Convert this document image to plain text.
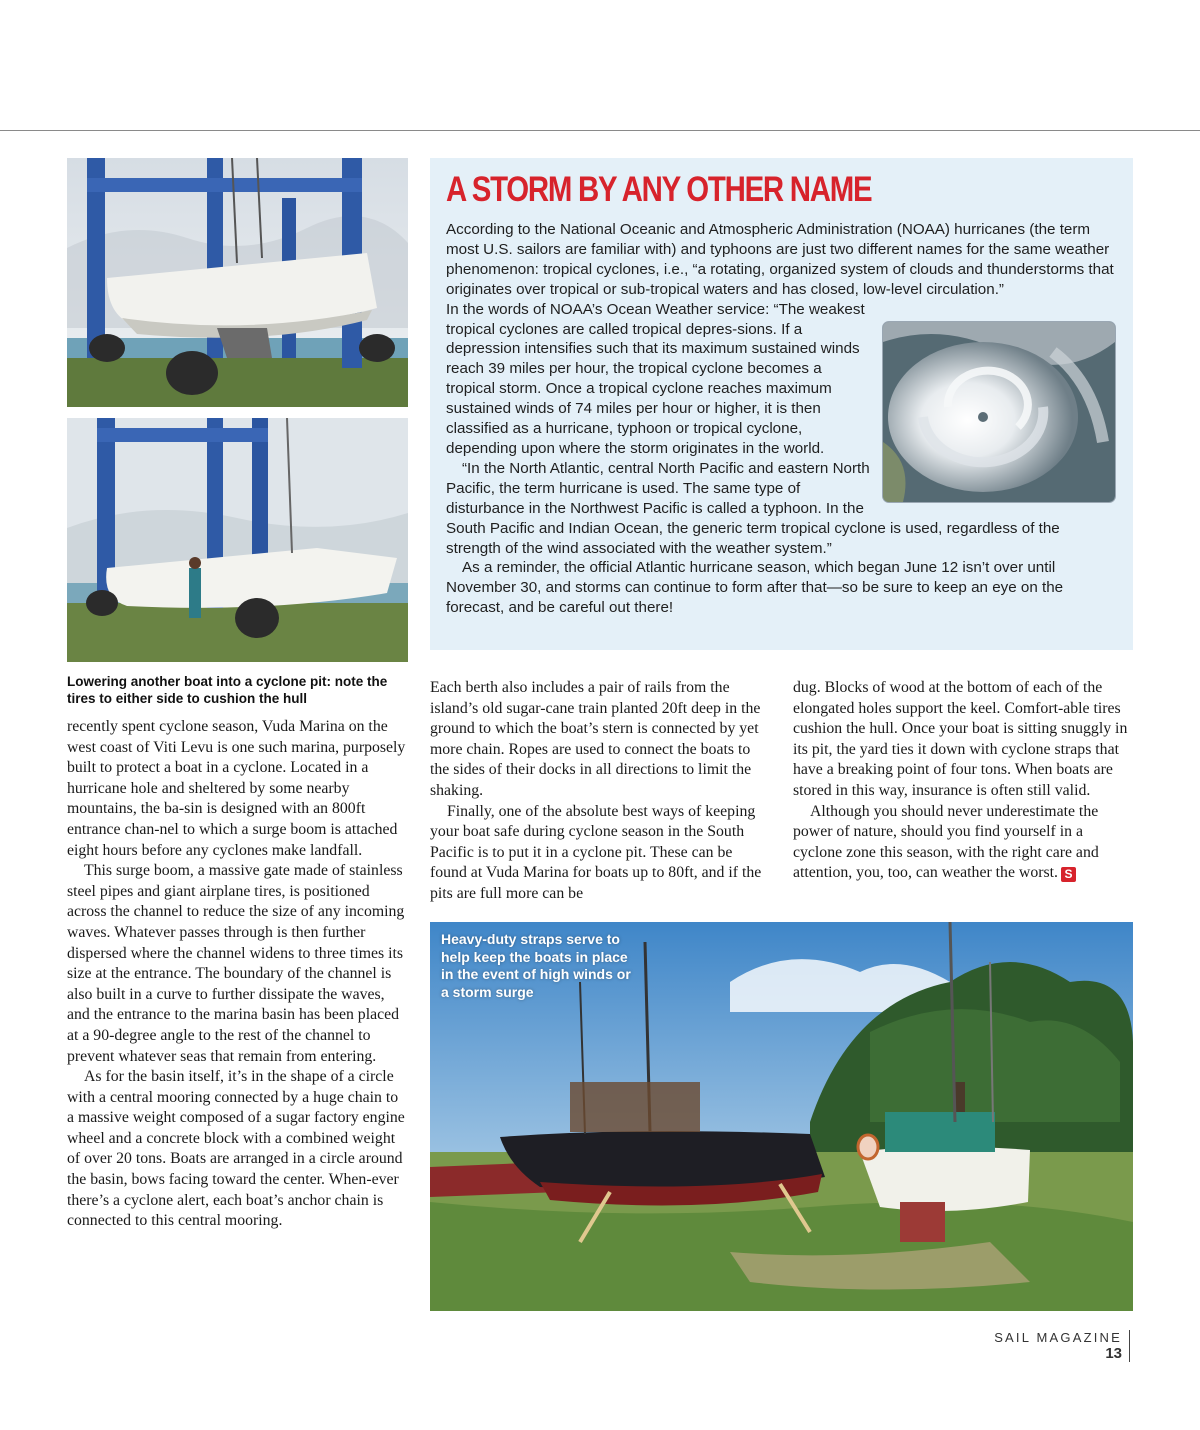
Lowering another boat into a cyclone pit: note the tires to either side to cushion the hull
A STORM BY ANY OTHER NAME

According to the National Oceanic and Atmospheric Administration (NOAA) hurricanes (the term most U.S. sailors are familiar with) and typhoons are just two different names for the same weather phenomenon: tropical cyclones, i.e., “a rotating, organized system of clouds and thunderstorms that originates over tropical or sub-tropical waters and has closed, low-level circulation.”

In the words of NOAA’s Ocean Weather service: “The weakest tropical cyclones are called tropical depres-sions. If a depression intensifies such that its maximum sustained winds reach 39 miles per hour, the tropical cyclone becomes a tropical storm. Once a tropical cyclone reaches maximum sustained winds of 74 miles per hour or higher, it is then classified as a hurricane, typhoon or tropical cyclone, depending upon where the storm originates in the world.

“In the North Atlantic, central North Pacific and eastern North Pacific, the term hurricane is used. The same type of disturbance in the Northwest Pacific is called a typhoon. In the South Pacific and Indian Ocean, the generic term tropical cyclone is used, regardless of the strength of the wind associated with the weather system.”

As a reminder, the official Atlantic hurricane season, which began June 12 isn’t over until November 30, and storms can continue to form after that—so be sure to keep an eye on the forecast, and be careful out there!

recently spent cyclone season, Vuda Marina on the west coast of Viti Levu is one such marina, purposely built to protect a boat in a cyclone. Located in a hurricane hole and sheltered by some nearby mountains, the ba-sin is designed with an 800ft entrance chan-nel to which a surge boom is attached eight hours before any cyclones make landfall.

This surge boom, a massive gate made of stainless steel pipes and giant airplane tires, is positioned across the channel to reduce the size of any incoming waves. Whatever passes through is then further dispersed where the channel widens to three times its size at the entrance. The boundary of the channel is also built in a curve to further dissipate the waves, and the entrance to the marina basin has been placed at a 90-degree angle to the rest of the channel to prevent whatever seas that remain from entering.

As for the basin itself, it’s in the shape of a circle with a central mooring connected by a huge chain to a massive weight composed of a sugar factory engine wheel and a concrete block with a combined weight of over 20 tons. Boats are arranged in a circle around the basin, bows facing toward the center. When-ever there’s a cyclone alert, each boat’s anchor chain is connected to this central mooring.

Each berth also includes a pair of rails from the island’s old sugar-cane train planted 20ft deep in the ground to which the boat’s stern is connected by yet more chain. Ropes are used to connect the boats to the sides of their docks in all directions to limit the shaking.

Finally, one of the absolute best ways of keeping your boat safe during cyclone season in the South Pacific is to put it in a cyclone pit. These can be found at Vuda Marina for boats up to 80ft, and if the pits are full more can be

dug. Blocks of wood at the bottom of each of the elongated holes support the keel. Comfort-able tires cushion the hull. Once your boat is sitting snuggly in its pit, the yard ties it down with cyclone straps that have a breaking point of four tons. When boats are stored in this way, insurance is often still valid.

Although you should never underestimate the power of nature, should you find yourself in a cyclone zone this season, with the right care and attention, you, too, can weather the worst. S

Heavy-duty straps serve to help keep the boats in place in the event of high winds or a storm surge
SAIL MAGAZINE
13
